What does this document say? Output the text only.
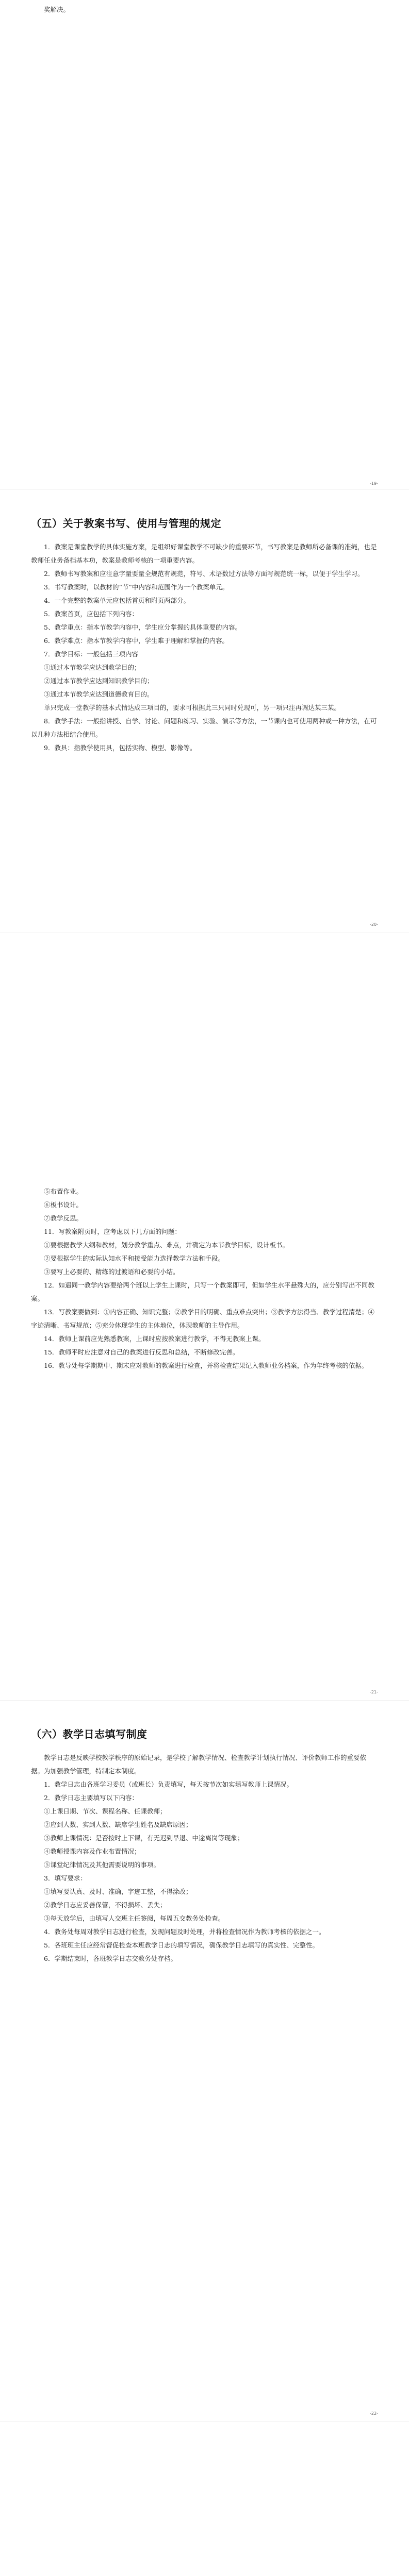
奖解决。

-19-
（五）关于教案书写、使用与管理的规定

1．教案是课堂教学的具体实施方案，是组织好课堂教学不可缺少的重要环节，书写教案是教师所必备课的准绳，也是教师任业务备档基本功，教案是教师考核的一项重要内容。

2．教师书写教案和应注意字量要量全规范有规范，符号、术语数过方法等方面写规范统一标，以便于学生学习。

3．书写教案时，以教材的“节”中内容和范围作为一个教案单元。

4．一个完整的教案单元应包括首页和附页两部分。

5．教案首页，应包括下列内容：

5、教学重点：指本节教学内容中，学生应分掌握的具体重要的内容。

6．教学难点：指本节教学内容中，学生难于理解和掌握的内容。

7．教学目标：一般包括三项内容

①通过本节教学应达到教学目的；

②通过本节教学应达到知识教学目的；

③通过本节教学应达到道德教育目的。

单只完成一堂教学的基本式情达成三项目的，要求可根据此三只同时兑现可，另一项只注再调达某三某。

8．教学手法：一般指讲授、自学、讨论、问题和练习、实验、演示等方法，一节课内也可使用两种或一种方法，在可以几种方法相结合使用。

9．教具：指教学使用具，包括实物、模型、影像等。

-20-

⑤布置作业。

⑥板书设计。

⑦教学反思。

11．写教案附页时，应考虑以下几方面的问题：

①要根据教学大纲和教材，划分教学重点、难点，并确定为本节教学目标，设计板书。

②要根据学生的实际认知水平和接受能力选择教学方法和手段。

③要写上必要的、精练的过渡语和必要的小结。

12．如遇同一教学内容要给两个班以上学生上课时，只写一个教案即可，但如学生水平悬殊大的，应分别写出不同教案。

13．写教案要做到：①内容正确、知识完整；②教学目的明确、重点难点突出；③教学方法得当、教学过程清楚；④字迹清晰、书写规范；⑤充分体现学生的主体地位，体现教师的主导作用。

14．教师上课前应先熟悉教案，上课时应按教案进行教学，不得无教案上课。

15．教师平时应注意对自己的教案进行反思和总结，不断修改完善。

16．教导处每学期期中、期末应对教师的教案进行检查，并将检查结果记入教师业务档案，作为年终考核的依据。

-21-
（六）教学日志填写制度

教学日志是反映学校教学秩序的原始记录，是学校了解教学情况、检查教学计划执行情况、评价教师工作的重要依据。为加强教学管理，特制定本制度。

1．教学日志由各班学习委员（或班长）负责填写，每天按节次如实填写教师上课情况。

2．教学日志主要填写以下内容：

①上课日期、节次、课程名称、任课教师；

②应到人数、实到人数、缺席学生姓名及缺席原因；

③教师上课情况：是否按时上下课，有无迟到早退、中途离岗等现象；

④教师授课内容及作业布置情况；

⑤课堂纪律情况及其他需要说明的事项。

3．填写要求：

①填写要认真、及时、准确，字迹工整，不得涂改；

②教学日志应妥善保管，不得损坏、丢失；

③每天放学后，由填写人交班主任签阅，每周五交教务处检查。

4．教务处每周对教学日志进行检查，发现问题及时处理，并将检查情况作为教师考核的依据之一。

5．各班班主任应经常督促检查本班教学日志的填写情况，确保教学日志填写的真实性、完整性。

6．学期结束时，各班教学日志交教务处存档。

-22-
